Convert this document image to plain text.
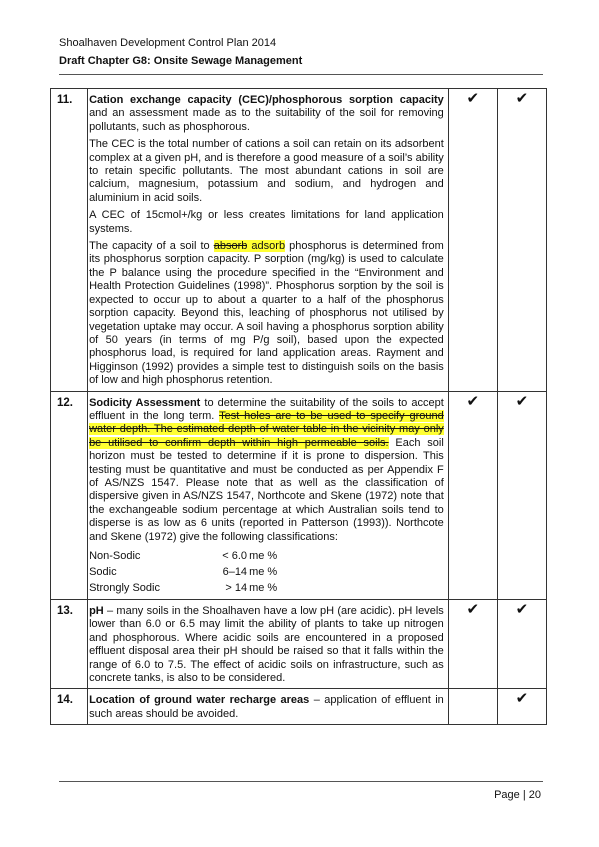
Shoalhaven Development Control Plan 2014
Draft Chapter G8: Onsite Sewage Management
11.	Cation exchange capacity (CEC)/phosphorous sorption capacity and an assessment made as to the suitability of the soil for removing pollutants, such as phosphorous.

The CEC is the total number of cations a soil can retain on its adsorbent complex at a given pH, and is therefore a good measure of a soil’s ability to retain specific pollutants. The most abundant cations in soil are calcium, magnesium, potassium and sodium, and hydrogen and aluminium in acid soils.

A CEC of 15cmol+/kg or less creates limitations for land application systems.

The capacity of a soil to absorb adsorb phosphorus is determined from its phosphorus sorption capacity. P sorption (mg/kg) is used to calculate the P balance using the procedure specified in the “Environment and Health Protection Guidelines (1998)”. Phosphorus sorption by the soil is expected to occur up to about a quarter to a half of the phosphorus sorption capacity. Beyond this, leaching of phosphorus not utilised by vegetation uptake may occur. A soil having a phosphorus sorption ability of 50 years (in terms of mg P/g soil), based upon the expected phosphorus load, is required for land application areas. Rayment and Higginson (1992) provides a simple test to distinguish soils on the basis of low and high phosphorus retention.

	✔	✔
12.	Sodicity Assessment to determine the suitability of the soils to accept effluent in the long term. Test holes are to be used to specify ground water depth. The estimated depth of water table in the vicinity may only be utilised to confirm depth within high permeable soils. Each soil horizon must be tested to determine if it is prone to dispersion. This testing must be quantitative and must be conducted as per Appendix F of AS/NZS 1547. Please note that as well as the classification of dispersive given in AS/NZS 1547, Northcote and Skene (1972) note that the exchangeable sodium percentage at which Australian soils tend to disperse is as low as 6 units (reported in Patterson (1993)). Northcote and Skene (1972) give the following classifications:

Non-Sodic	< 6.0	me %
Sodic	6–14	me %
Strongly Sodic	> 14	me %
	✔	✔
13.	pH – many soils in the Shoalhaven have a low pH (are acidic). pH levels lower than 6.0 or 6.5 may limit the ability of plants to take up nitrogen and phosphorous. Where acidic soils are encountered in a proposed effluent disposal area their pH should be raised so that it falls within the range of 6.0 to 7.5. The effect of acidic soils on infrastructure, such as concrete tanks, is also to be considered.

	✔	✔
14.	Location of ground water recharge areas – application of effluent in such areas should be avoided.

		✔
Page | 20
